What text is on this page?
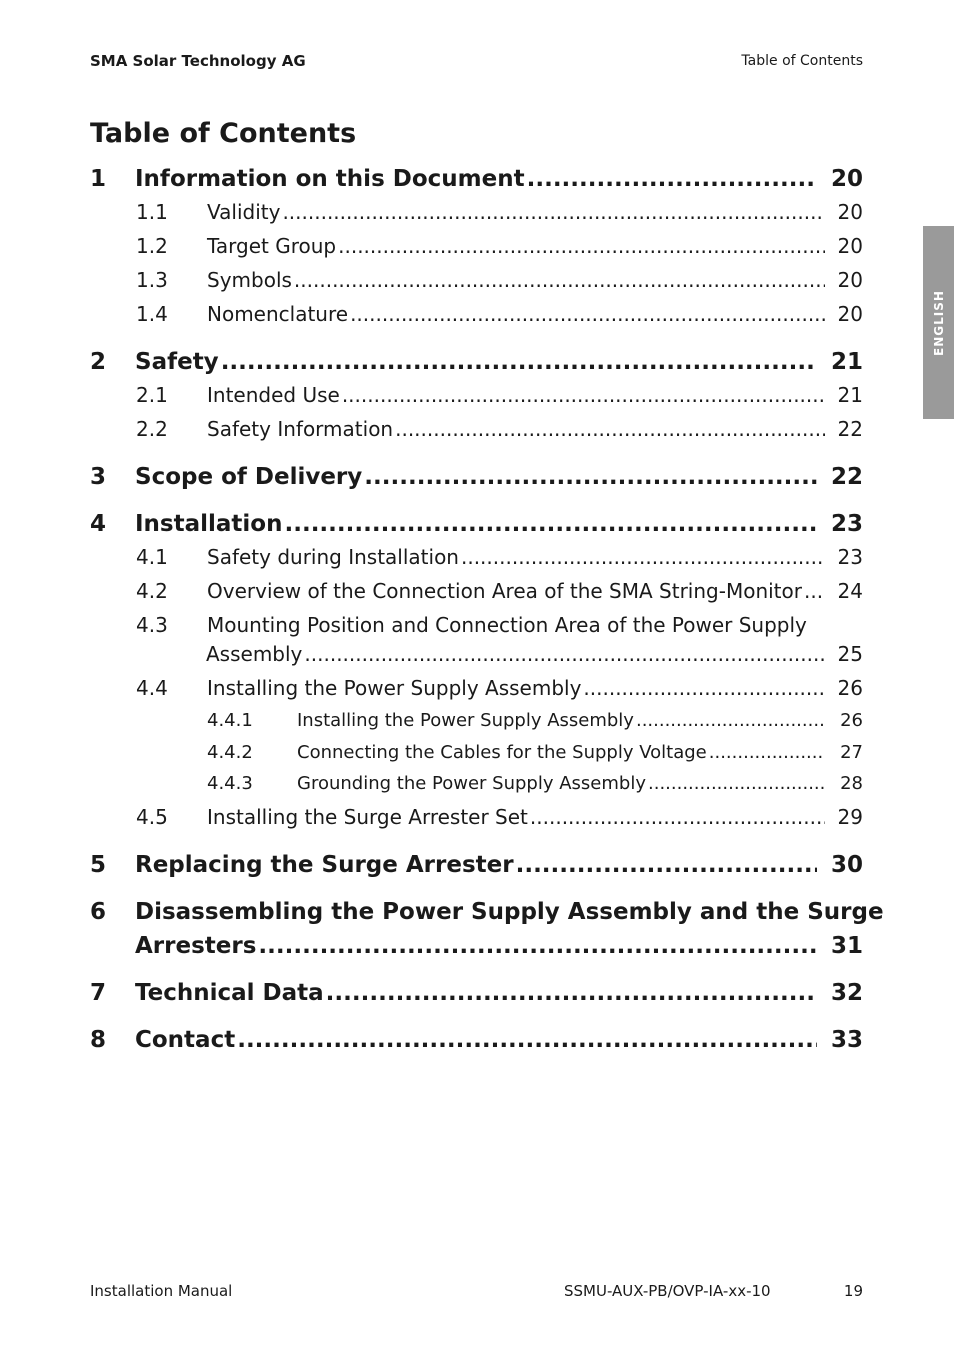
SMA Solar Technology AG	Table of Contents
Table of Contents
ENGLISH
1	Information on this Document .....	20
1.1	Validity .....	20
1.2	Target Group .....	20
1.3	Symbols .....	20
1.4	Nomenclature .....	20
2	Safety .....	21
2.1	Intended Use .....	21
2.2	Safety Information .....	22
3	Scope of Delivery .....	22
4	Installation .....	23
4.1	Safety during Installation .....	23
4.2	Overview of the Connection Area of the SMA String-Monitor .....	24
4.3	Mounting Position and Connection Area of the Power Supply
Assembly .....	25
4.4	Installing the Power Supply Assembly .....	26
4.4.1	Installing the Power Supply Assembly .....	26
4.4.2	Connecting the Cables for the Supply Voltage .....	27
4.4.3	Grounding the Power Supply Assembly .....	28
4.5	Installing the Surge Arrester Set .....	29
5	Replacing the Surge Arrester .....	30
6	Disassembling the Power Supply Assembly and the Surge
Arresters .....	31
7	Technical Data .....	32
8	Contact .....	33
Installation Manual	SSMU-AUX-PB/OVP-IA-xx-10	19
